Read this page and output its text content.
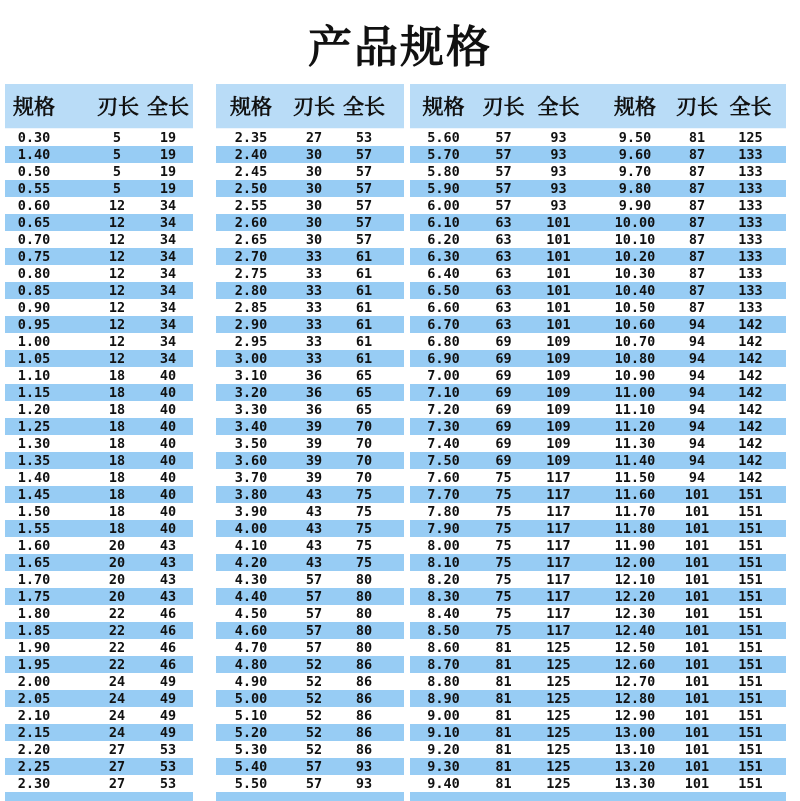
产品规格
规格 刃长 全长
0.30	5	19
1.40	5	19
0.50	5	19
0.55	5	19
0.60	12	34
0.65	12	34
0.70	12	34
0.75	12	34
0.80	12	34
0.85	12	34
0.90	12	34
0.95	12	34
1.00	12	34
1.05	12	34
1.10	18	40
1.15	18	40
1.20	18	40
1.25	18	40
1.30	18	40
1.35	18	40
1.40	18	40
1.45	18	40
1.50	18	40
1.55	18	40
1.60	20	43
1.65	20	43
1.70	20	43
1.75	20	43
1.80	22	46
1.85	22	46
1.90	22	46
1.95	22	46
2.00	24	49
2.05	24	49
2.10	24	49
2.15	24	49
2.20	27	53
2.25	27	53
2.30	27	53
规格 刃长 全长
2.35	27	53
2.40	30	57
2.45	30	57
2.50	30	57
2.55	30	57
2.60	30	57
2.65	30	57
2.70	33	61
2.75	33	61
2.80	33	61
2.85	33	61
2.90	33	61
2.95	33	61
3.00	33	61
3.10	36	65
3.20	36	65
3.30	36	65
3.40	39	70
3.50	39	70
3.60	39	70
3.70	39	70
3.80	43	75
3.90	43	75
4.00	43	75
4.10	43	75
4.20	43	75
4.30	57	80
4.40	57	80
4.50	57	80
4.60	57	80
4.70	57	80
4.80	52	86
4.90	52	86
5.00	52	86
5.10	52	86
5.20	52	86
5.30	52	86
5.40	57	93
5.50	57	93
规格 刃长 全长
5.60	57	93
5.70	57	93
5.80	57	93
5.90	57	93
6.00	57	93
6.10	63	101
6.20	63	101
6.30	63	101
6.40	63	101
6.50	63	101
6.60	63	101
6.70	63	101
6.80	69	109
6.90	69	109
7.00	69	109
7.10	69	109
7.20	69	109
7.30	69	109
7.40	69	109
7.50	69	109
7.60	75	117
7.70	75	117
7.80	75	117
7.90	75	117
8.00	75	117
8.10	75	117
8.20	75	117
8.30	75	117
8.40	75	117
8.50	75	117
8.60	81	125
8.70	81	125
8.80	81	125
8.90	81	125
9.00	81	125
9.10	81	125
9.20	81	125
9.30	81	125
9.40	81	125
规格 刃长 全长
9.50	81	125
9.60	87	133
9.70	87	133
9.80	87	133
9.90	87	133
10.00	87	133
10.10	87	133
10.20	87	133
10.30	87	133
10.40	87	133
10.50	87	133
10.60	94	142
10.70	94	142
10.80	94	142
10.90	94	142
11.00	94	142
11.10	94	142
11.20	94	142
11.30	94	142
11.40	94	142
11.50	94	142
11.60	101	151
11.70	101	151
11.80	101	151
11.90	101	151
12.00	101	151
12.10	101	151
12.20	101	151
12.30	101	151
12.40	101	151
12.50	101	151
12.60	101	151
12.70	101	151
12.80	101	151
12.90	101	151
13.00	101	151
13.10	101	151
13.20	101	151
13.30	101	151
